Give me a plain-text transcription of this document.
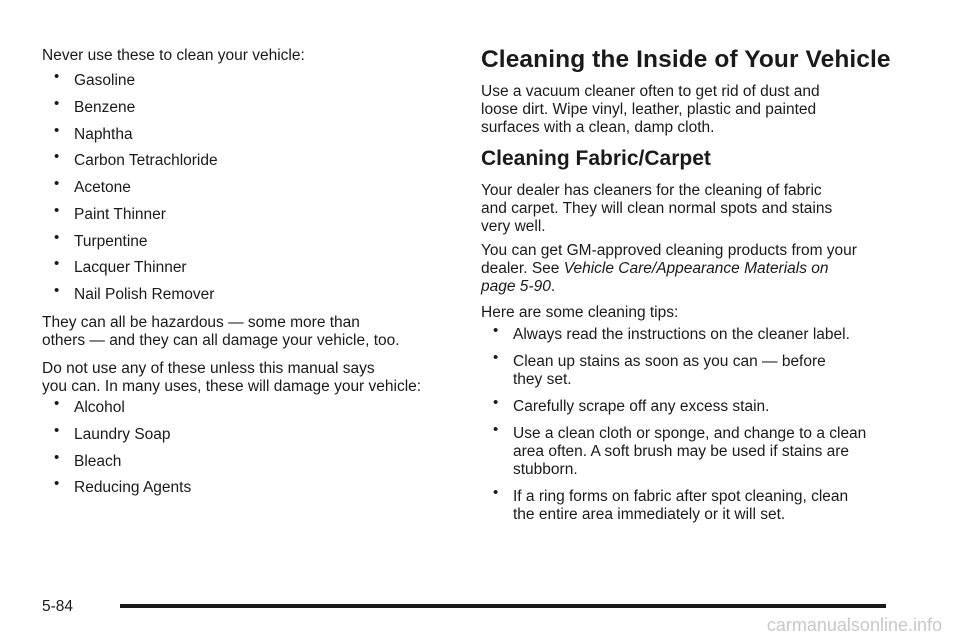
Never use these to clean your vehicle:

• Gasoline
• Benzene
• Naphtha
• Carbon Tetrachloride
• Acetone
• Paint Thinner
• Turpentine
• Lacquer Thinner
• Nail Polish Remover

They can all be hazardous — some more than
others — and they can all damage your vehicle, too.

Do not use any of these unless this manual says
you can. In many uses, these will damage your vehicle:

• Alcohol
• Laundry Soap
• Bleach
• Reducing Agents
Cleaning the Inside of Your Vehicle

Use a vacuum cleaner often to get rid of dust and
loose dirt. Wipe vinyl, leather, plastic and painted
surfaces with a clean, damp cloth.

Cleaning Fabric/Carpet

Your dealer has cleaners for the cleaning of fabric
and carpet. They will clean normal spots and stains
very well.

You can get GM-approved cleaning products from your
dealer. See Vehicle Care/Appearance Materials on
page 5-90.

Here are some cleaning tips:

• Always read the instructions on the cleaner label.
• Clean up stains as soon as you can — before
they set.
• Carefully scrape off any excess stain.
• Use a clean cloth or sponge, and change to a clean
area often. A soft brush may be used if stains are
stubborn.
• If a ring forms on fabric after spot cleaning, clean
the entire area immediately or it will set.
5-84
carmanualsonline.info
